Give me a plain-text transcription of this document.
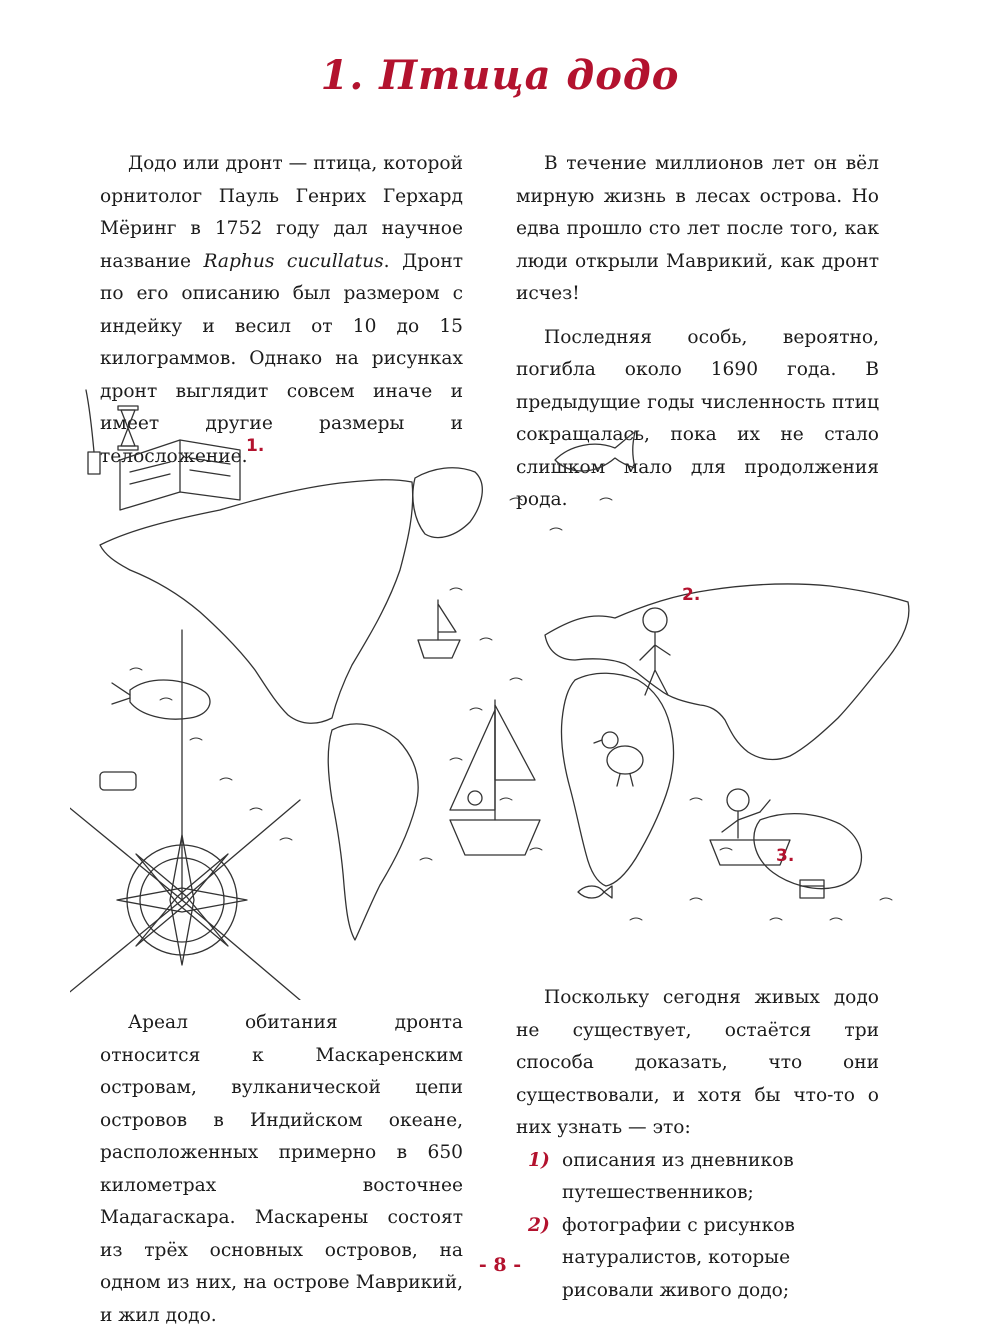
1. Птица додо

Додо или дронт — птица, которой орнитолог Пауль Генрих Герхард Мёринг в 1752 году дал научное название Raphus cucullatus. Дронт по его описанию был размером с индейку и весил от 10 до 15 килограммов. Однако на рисунках дронт выглядит совсем иначе и имеет другие размеры и телосложение.

В течение миллионов лет он вёл мирную жизнь в лесах острова. Но едва прошло сто лет после того, как люди открыли Маврикий, как дронт исчез!

Последняя особь, вероятно, погибла около 1690 года. В предыдущие годы численность птиц сокращалась, пока их не стало слишком мало для продолжения рода.

1.
2.
3.

Ареал обитания дронта относится к Маскаренским островам, вулканической цепи островов в Индийском океане, расположенных примерно в 650 километрах восточнее Мадагаскара. Маскарены состоят из трёх основных островов, на одном из них, на острове Маврикий, и жил додо.

Поскольку сегодня живых додо не существует, остаётся три способа доказать, что они существовали, и хотя бы что-то о них узнать — это:

1) описания из дневников путешественников;
2) фотографии с рисунков натуралистов, которые рисовали живого додо;
- 8 -
